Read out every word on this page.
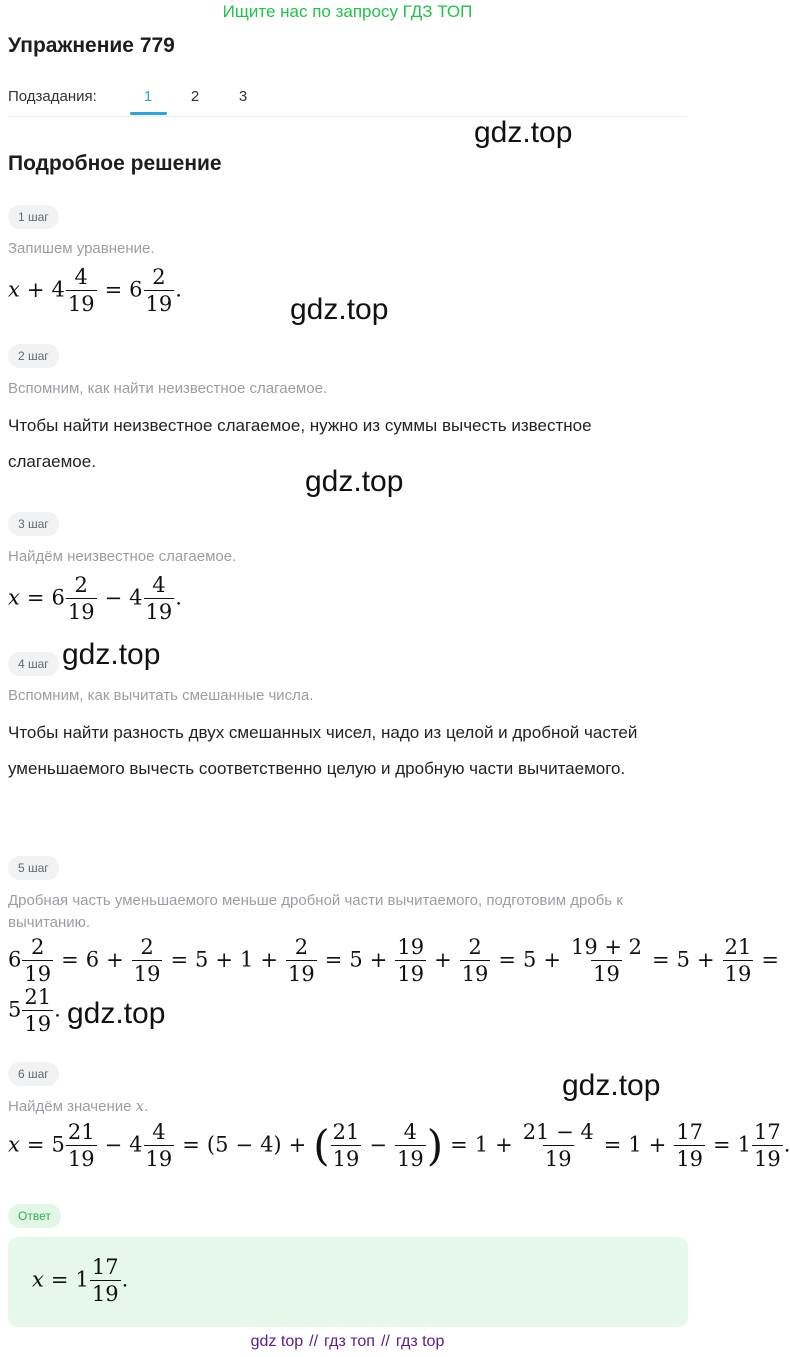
Ищите нас по запросу ГДЗ ТОП
Упражнение 779
Подзадания:	1	2	3
gdz.top
Подробное решение
1 шаг
Запишем уравнение.
$x + 4 \frac{4}{19} = 6 \frac{2}{19}$ .
gdz.top
2 шаг
Вспомним, как найти неизвестное слагаемое.
Чтобы найти неизвестное слагаемое, нужно из суммы вычесть известное слагаемое.
gdz.top
3 шаг
Найдём неизвестное слагаемое.
$x = 6 \frac{2}{19} - 4 \frac{4}{19}$ .
4 шаг gdz.top
Вспомним, как вычитать смешанные числа.
Чтобы найти разность двух смешанных чисел, надо из целой и дробной частей уменьшаемого вычесть соответственно целую и дробную части вычитаемого.
5 шаг
Дробная часть уменьшаемого меньше дробной части вычитаемого, подготовим дробь к вычитанию.
$6 \frac{2}{19} = 6 + \frac{2}{19} = 5 + 1 + \frac{2}{19} = 5 + \frac{19}{19} + \frac{2}{19} = 5 + \frac{19 + 2}{19} = 5 + \frac{21}{19}$ =
$5 \frac{21}{19}$ . gdz.top
6 шаг	gdz.top
Найдём значение x.
$x = 5 \frac{21}{19} - 4 \frac{4}{19} = (5 - 4)$ + ( $\frac{21}{19} - \frac{4}{19}$ ) = $1 + \frac{21 - 4}{19} = 1 + \frac{17}{19} = 1 \frac{17}{19}$ .
Ответ
$x = 1 \frac{17}{19}$ .
gdz top // гдз топ // гдз top
